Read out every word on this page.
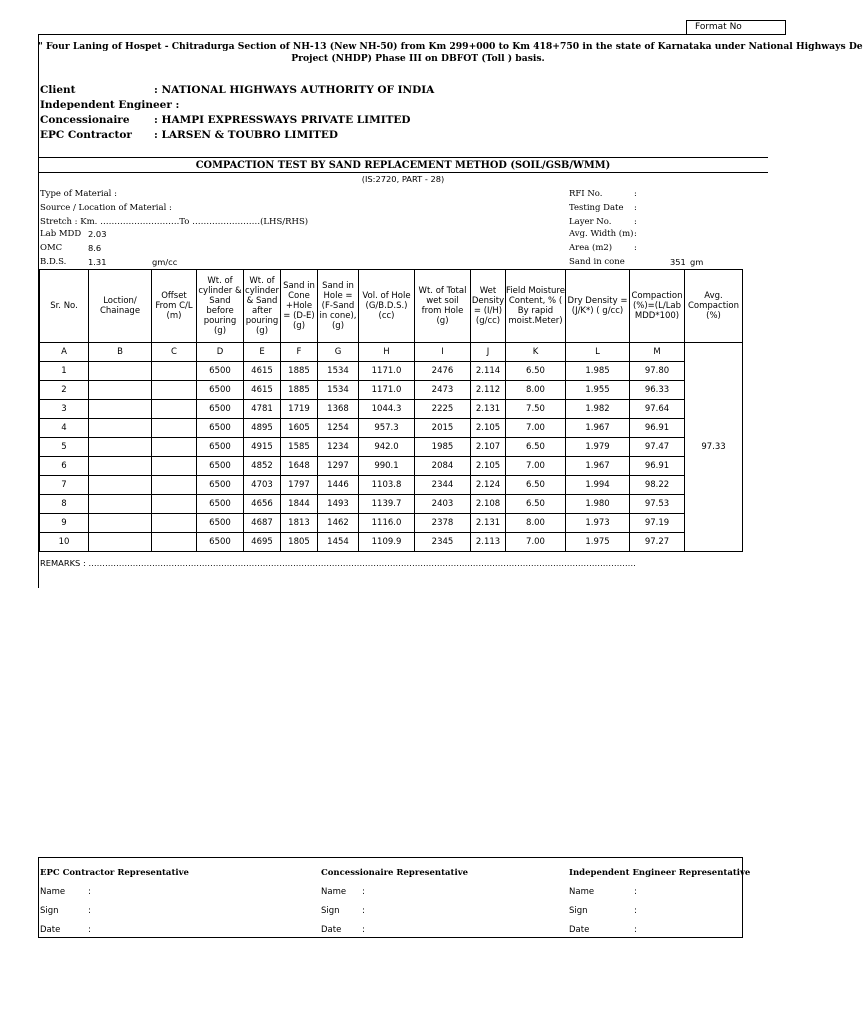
Format No
" Four Laning of Hospet - Chitradurga Section of NH-13 (New NH-50) from Km 299+000 to Km 418+750 in the state of Karnataka under National Highways De
Project (NHDP) Phase III on DBFOT (Toll ) basis.
Client	: NATIONAL HIGHWAYS AUTHORITY OF INDIA
Independent Engineer :
Concessionaire : HAMPI EXPRESSWAYS PRIVATE LIMITED
EPC Contractor : LARSEN & TOUBRO LIMITED
COMPACTION TEST BY SAND REPLACEMENT METHOD (SOIL/GSB/WMM)
(IS:2720, PART - 28)
Type of Material :
Source / Location of Material :
Stretch : Km. ……………………….To ……………………(LHS/RHS)
Lab MDD 2.03
OMC	8.6
B.D.S.	1.31	gm/cc
RFI No.	:
Testing Date :
Layer No.	:
Avg. Width (m) :
Area (m2)	:
Sand in cone	351 gm
Sr. No.	Loction/ Chainage	Offset From C/L (m)	Wt. of cylinder & Sand before pouring (g)	Wt. of cylinder & Sand after pouring (g)	Sand in Cone +Hole = (D-E) (g)	Sand in Hole = (F-Sand in cone), (g)	Vol. of Hole (G/B.D.S.) (cc)	Wt. of Total wet soil from Hole (g)	Wet Density = (I/H) (g/cc)	Field Moisture Content, % ( By rapid moist.Meter)	Dry Density = (J/K*) ( g/cc)	Compaction (%)=(L/Lab MDD*100)	Avg. Compaction (%)
A	B	C	D	E	F	G	H	I	J	K	L	M	97.33
1			6500	4615	1885	1534	1171.0	2476	2.114	6.50	1.985	97.80	
2			6500	4615	1885	1534	1171.0	2473	2.112	8.00	1.955	96.33	
3			6500	4781	1719	1368	1044.3	2225	2.131	7.50	1.982	97.64	
4			6500	4895	1605	1254	957.3	2015	2.105	7.00	1.967	96.91	
5			6500	4915	1585	1234	942.0	1985	2.107	6.50	1.979	97.47	
6			6500	4852	1648	1297	990.1	2084	2.105	7.00	1.967	96.91	
7			6500	4703	1797	1446	1103.8	2344	2.124	6.50	1.994	98.22	
8			6500	4656	1844	1493	1139.7	2403	2.108	6.50	1.980	97.53	
9			6500	4687	1813	1462	1116.0	2378	2.131	8.00	1.973	97.19	
10			6500	4695	1805	1454	1109.9	2345	2.113	7.00	1.975	97.27	
REMARKS : ………………………………………………………………………………………………………………………………………………………………………………
EPC Contractor Representative
Name	:
Sign	:
Date	:
Concessionaire Representative
Name :
Sign	:
Date :
Independent Engineer Representative
Name	:
Sign	:
Date	:
